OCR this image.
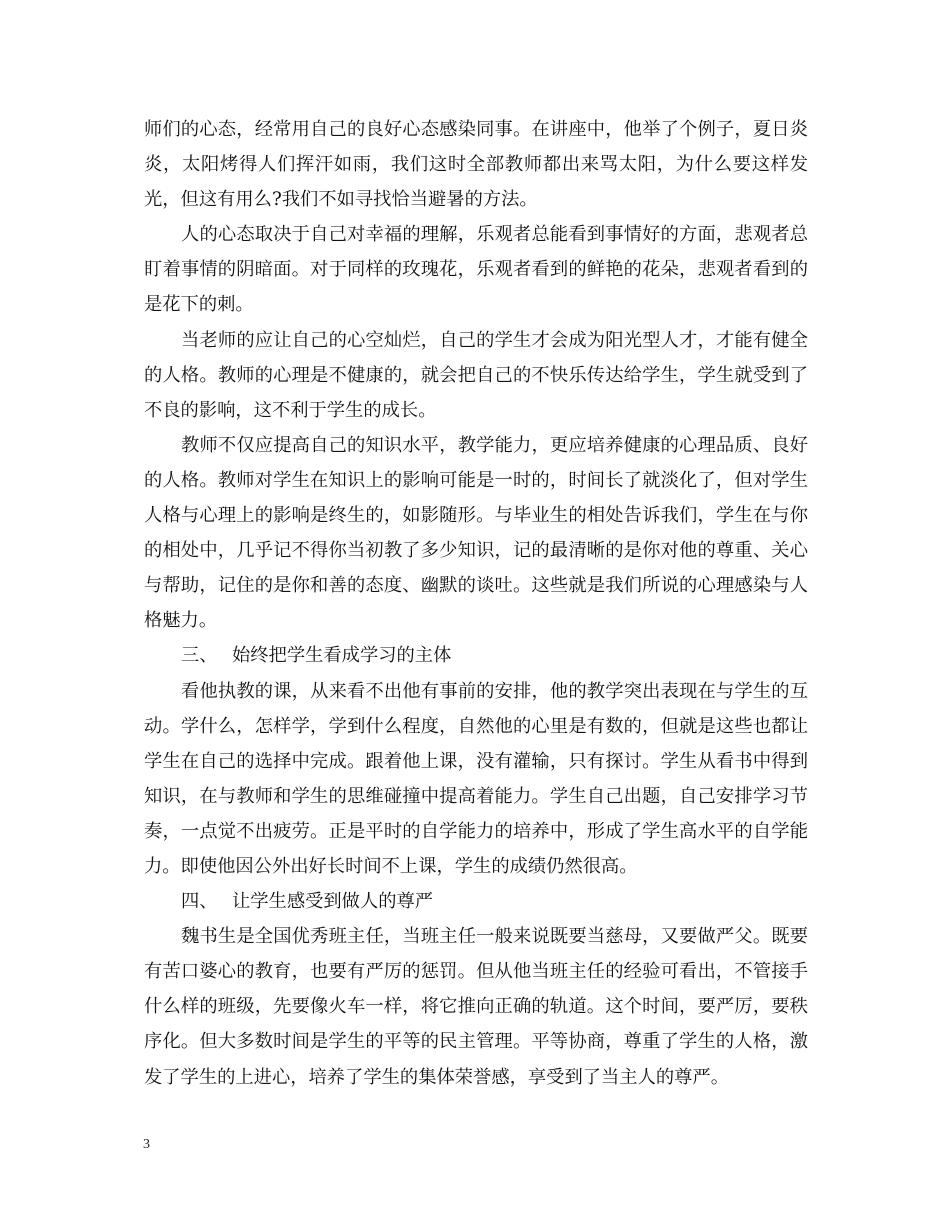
师们的心态，经常用自己的良好心态感染同事。在讲座中，他举了个例子，夏日炎炎，太阳烤得人们挥汗如雨，我们这时全部教师都出来骂太阳，为什么要这样发光，但这有用么?我们不如寻找恰当避暑的方法。

人的心态取决于自己对幸福的理解，乐观者总能看到事情好的方面，悲观者总盯着事情的阴暗面。对于同样的玫瑰花，乐观者看到的鲜艳的花朵，悲观者看到的是花下的刺。

当老师的应让自己的心空灿烂，自己的学生才会成为阳光型人才，才能有健全的人格。教师的心理是不健康的，就会把自己的不快乐传达给学生，学生就受到了不良的影响，这不利于学生的成长。

教师不仅应提高自己的知识水平，教学能力，更应培养健康的心理品质、良好的人格。教师对学生在知识上的影响可能是一时的，时间长了就淡化了，但对学生人格与心理上的影响是终生的，如影随形。与毕业生的相处告诉我们，学生在与你的相处中，几乎记不得你当初教了多少知识，记的最清晰的是你对他的尊重、关心与帮助，记住的是你和善的态度、幽默的谈吐。这些就是我们所说的心理感染与人格魅力。

三、 始终把学生看成学习的主体

看他执教的课，从来看不出他有事前的安排，他的教学突出表现在与学生的互动。学什么，怎样学，学到什么程度，自然他的心里是有数的，但就是这些也都让学生在自己的选择中完成。跟着他上课，没有灌输，只有探讨。学生从看书中得到知识，在与教师和学生的思维碰撞中提高着能力。学生自己出题，自己安排学习节奏，一点觉不出疲劳。正是平时的自学能力的培养中，形成了学生高水平的自学能力。即使他因公外出好长时间不上课，学生的成绩仍然很高。

四、 让学生感受到做人的尊严

魏书生是全国优秀班主任，当班主任一般来说既要当慈母，又要做严父。既要有苦口婆心的教育，也要有严厉的惩罚。但从他当班主任的经验可看出，不管接手什么样的班级，先要像火车一样，将它推向正确的轨道。这个时间，要严厉，要秩序化。但大多数时间是学生的平等的民主管理。平等协商，尊重了学生的人格，激发了学生的上进心，培养了学生的集体荣誉感，享受到了当主人的尊严。

3
